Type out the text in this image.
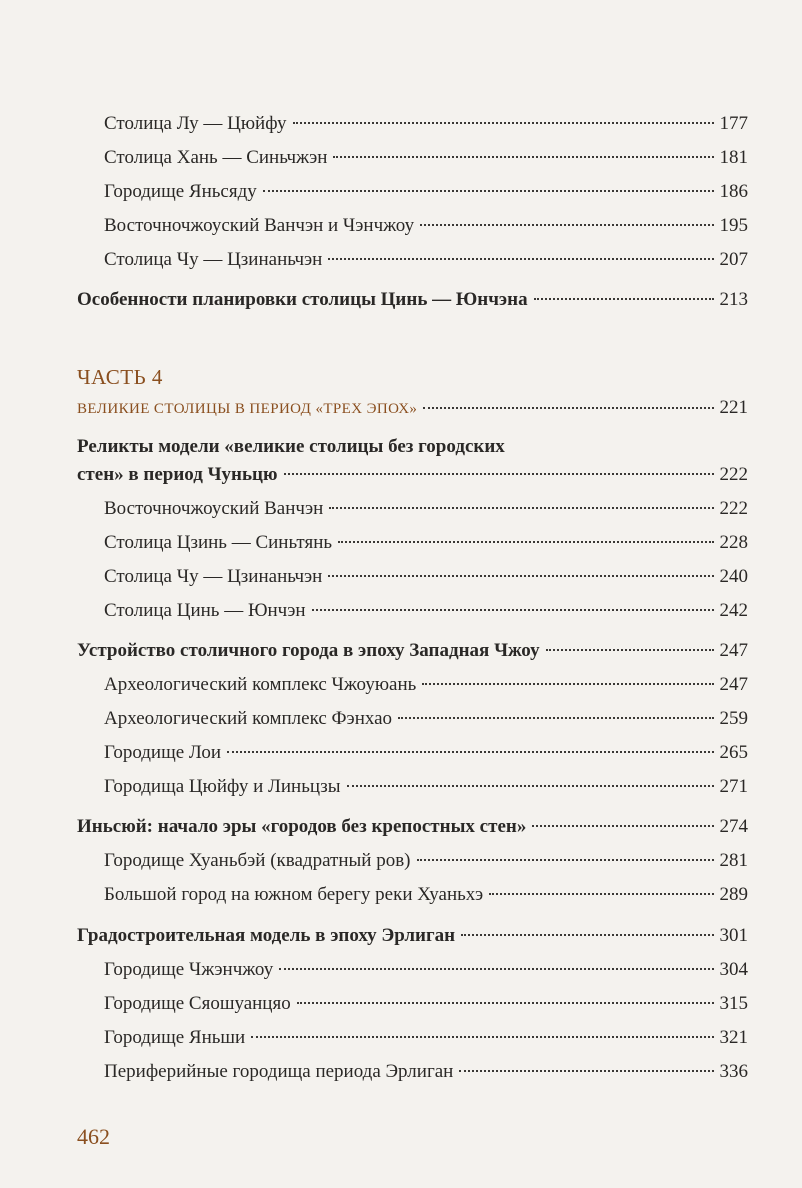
Столица Лу — Цюйфу	177
Столица Хань — Синьчжэн	181
Городище Яньсяду	186
Восточночжоуский Ванчэн и Чэнчжоу	195
Столица Чу — Цзинаньчэн	207
Особенности планировки столицы Цинь — Юнчэна	213
ЧАСТЬ 4
ВЕЛИКИЕ СТОЛИЦЫ В ПЕРИОД «ТРЕХ ЭПОХ»	221
Реликты модели «великие столицы без городских
стен» в период Чуньцю	222
Восточночжоуский Ванчэн	222
Столица Цзинь — Синьтянь	228
Столица Чу — Цзинаньчэн	240
Столица Цинь — Юнчэн	242
Устройство столичного города в эпоху Западная Чжоу	247
Археологический комплекс Чжоуюань	247
Археологический комплекс Фэнхао	259
Городище Лои	265
Городища Цюйфу и Линьцзы	271
Иньсюй: начало эры «городов без крепостных стен»	274
Городище Хуаньбэй (квадратный ров)	281
Большой город на южном берегу реки Хуаньхэ	289
Градостроительная модель в эпоху Эрлиган	301
Городище Чжэнчжоу	304
Городище Сяошуанцяо	315
Городище Яньши	321
Периферийные городища периода Эрлиган	336
462
